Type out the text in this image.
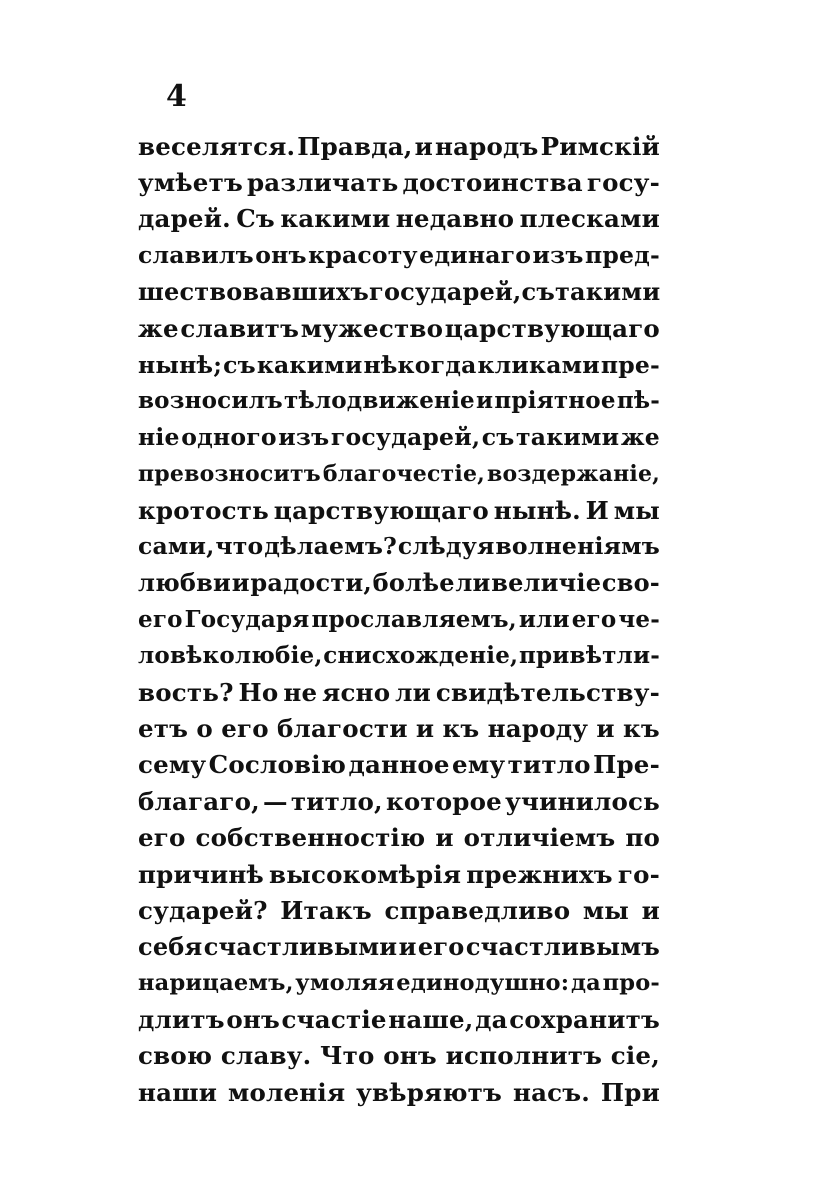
4
веселятся. Правда, и народъ Римскій
умѣетъ различать достоинства госу-
дарей. Съ какими недавно плесками
славилъ онъ красоту единаго изъ пред-
шествовавшихъ государей, съ такими
же славитъ мужество царствующаго
нынѣ; съ какими нѣкогда кликами пре-
возносилъ тѣлодвиженіе и пріятное пѣ-
ніе одного изъ государей, съ такими же
превозноситъ благочестіе, воздержаніе,
кротость царствующаго нынѣ. И мы
сами, что дѣлаемъ? слѣдуя волненіямъ
любви и радости, болѣе ли величіе сво-
его Государя прославляемъ, или его че-
ловѣколюбіе, снисхожденіе, привѣтли-
вость? Но не ясно ли свидѣтельству-
етъ о его благости и къ народу и къ
сему Сословію данное ему титло Пре-
благаго, — титло, которое учинилось
его собственностію и отличіемъ по
причинѣ высокомѣрія прежнихъ го-
сударей? Итакъ справедливо мы и
себя счастливыми и его счастливымъ
нарицаемъ, умоляя единодушно: да про-
длитъ онъ счастіе наше, да сохранитъ
свою славу. Что онъ исполнитъ сіе,
наши моленія увѣряютъ насъ. При
